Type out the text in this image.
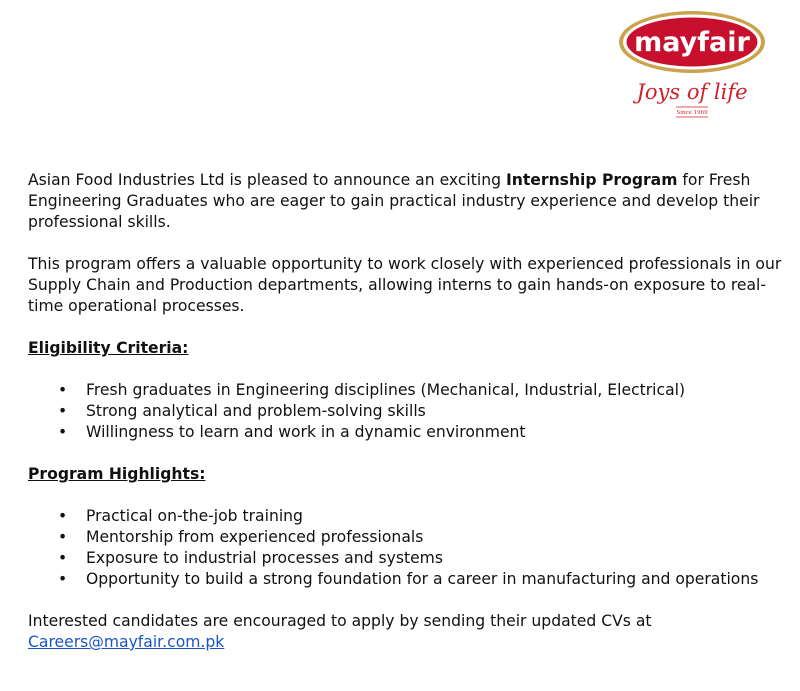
mayfair
Joys of life
Since 1969

Asian Food Industries Ltd is pleased to announce an exciting Internship Program for Fresh Engineering Graduates who are eager to gain practical industry experience and develop their professional skills.

This program offers a valuable opportunity to work closely with experienced professionals in our Supply Chain and Production departments, allowing interns to gain hands-on exposure to real-time operational processes.

Eligibility Criteria:

• Fresh graduates in Engineering disciplines (Mechanical, Industrial, Electrical)
• Strong analytical and problem-solving skills
• Willingness to learn and work in a dynamic environment

Program Highlights:

• Practical on-the-job training
• Mentorship from experienced professionals
• Exposure to industrial processes and systems
• Opportunity to build a strong foundation for a career in manufacturing and operations

Interested candidates are encouraged to apply by sending their updated CVs at
Careers@mayfair.com.pk
